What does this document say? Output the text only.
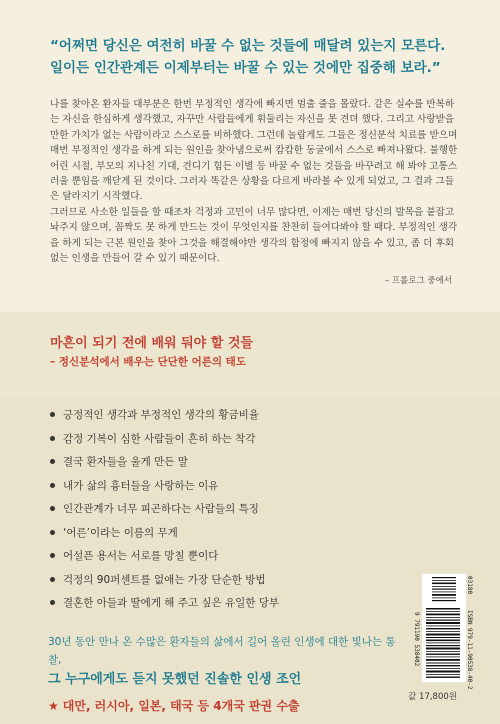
“어쩌면 당신은 여전히 바꿀 수 없는 것들에 매달려 있는지 모른다.
일이든 인간관계든 이제부터는 바꿀 수 있는 것에만 집중해 보라.”

나를 찾아온 환자들 대부분은 한번 부정적인 생각에 빠지면 멈출 줄을 몰랐다. 같은 실수를 반복하는 자신을 한심하게 생각했고, 자꾸만 사람들에게 휘둘리는 자신을 못 견뎌 했다. 그리고 사랑받을 만한 가치가 없는 사람이라고 스스로를 비하했다. 그런데 놀랍게도 그들은 정신분석 치료를 받으며 매번 부정적인 생각을 하게 되는 원인을 찾아냄으로써 캄캄한 동굴에서 스스로 빠져나왔다. 불행한 어린 시절, 부모의 지나친 기대, 견디기 힘든 이별 등 바꿀 수 없는 것들을 바꾸려고 해 봐야 고통스러울 뿐임을 깨닫게 된 것이다. 그러자 똑같은 상황을 다르게 바라볼 수 있게 되었고, 그 결과 그들은 달라지기 시작했다.

그러므로 사소한 일들을 할 때조차 걱정과 고민이 너무 많다면, 이제는 매번 당신의 발목을 붙잡고 놔주지 않으며, 꼼짝도 못 하게 만드는 것이 무엇인지를 찬찬히 들여다봐야 할 때다. 부정적인 생각을 하게 되는 근본 원인을 찾아 그것을 해결해야만 생각의 함정에 빠지지 않을 수 있고, 좀 더 후회 없는 인생을 만들어 갈 수 있기 때문이다.

– 프롤로그 중에서
마흔이 되기 전에 배워 둬야 할 것들
– 정신분석에서 배우는 단단한 어른의 태도
긍정적인 생각과 부정적인 생각의 황금비율
감정 기복이 심한 사람들이 흔히 하는 착각
결국 환자들을 울게 만든 말
내가 삶의 흉터들을 사랑하는 이유
인간관계가 너무 피곤하다는 사람들의 특징
‘어른’이라는 이름의 무게
어설픈 용서는 서로를 망칠 뿐이다
걱정의 90퍼센트를 없애는 가장 단순한 방법
결혼한 아들과 딸에게 해 주고 싶은 유일한 당부
30년 동안 만나 온 수많은 환자들의 삶에서 길어 올린 인생에 대한 빛나는 통찰,
그 누구에게도 듣지 못했던 진솔한 인생 조언
★ 대만, 러시아, 일본, 태국 등 4개국 판권 수출
03180
ISBN 979-11-90538-40-2
9 791190 538402
값 17,800원
